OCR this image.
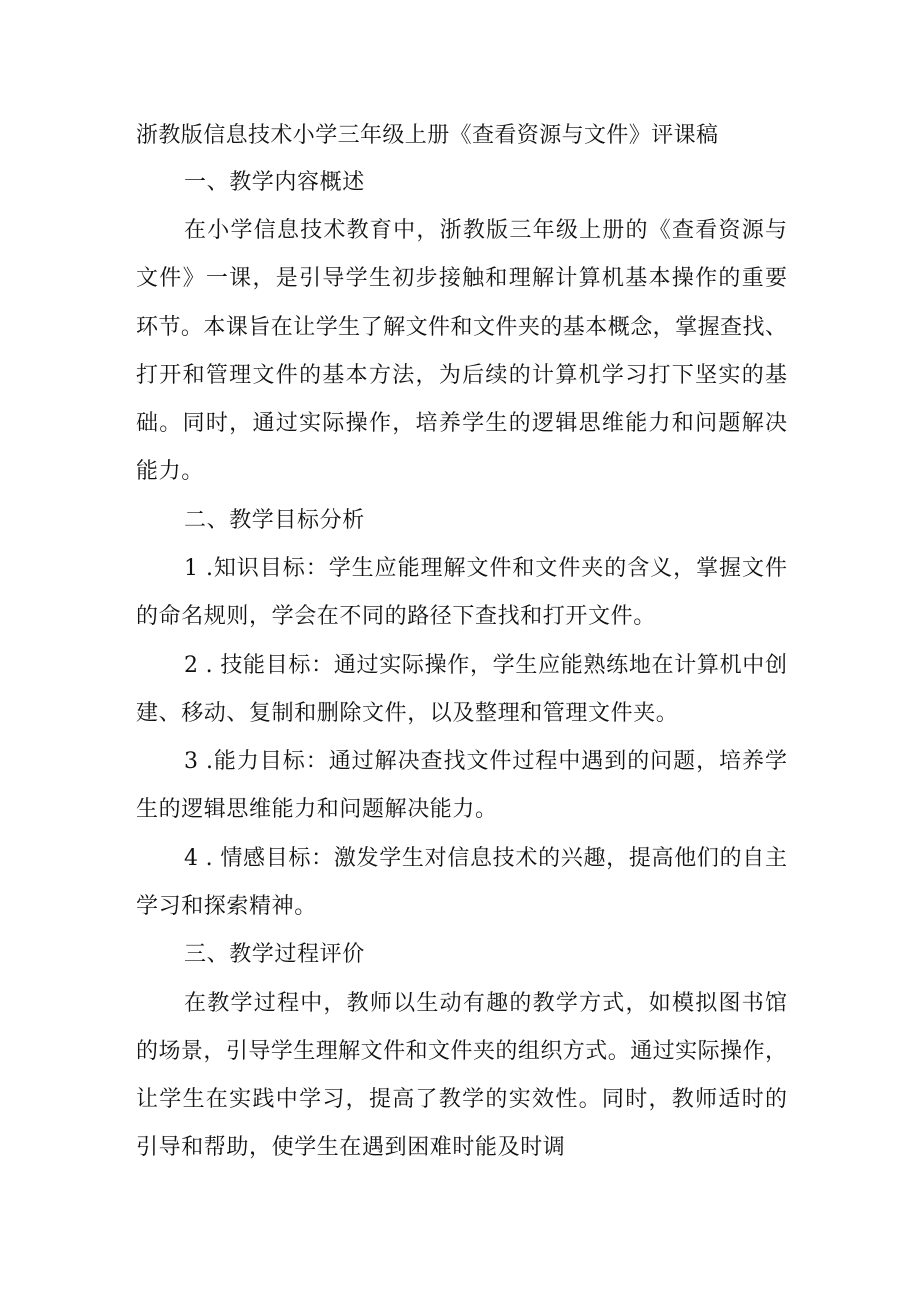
浙教版信息技术小学三年级上册《查看资源与文件》评课稿

一、教学内容概述

在小学信息技术教育中，浙教版三年级上册的《查看资源与

文件》一课，是引导学生初步接触和理解计算机基本操作的重要

环节。本课旨在让学生了解文件和文件夹的基本概念，掌握查找、

打开和管理文件的基本方法，为后续的计算机学习打下坚实的基

础。同时，通过实际操作，培养学生的逻辑思维能力和问题解决

能力。

二、教学目标分析

1 .知识目标：学生应能理解文件和文件夹的含义，掌握文件

的命名规则，学会在不同的路径下查找和打开文件。

2 . 技能目标：通过实际操作，学生应能熟练地在计算机中创

建、移动、复制和删除文件，以及整理和管理文件夹。

3 .能力目标：通过解决查找文件过程中遇到的问题，培养学

生的逻辑思维能力和问题解决能力。

4 . 情感目标：激发学生对信息技术的兴趣，提高他们的自主

学习和探索精神。

三、教学过程评价

在教学过程中，教师以生动有趣的教学方式，如模拟图书馆

的场景，引导学生理解文件和文件夹的组织方式。通过实际操作，

让学生在实践中学习，提高了教学的实效性。同时，教师适时的

引导和帮助，使学生在遇到困难时能及时调
